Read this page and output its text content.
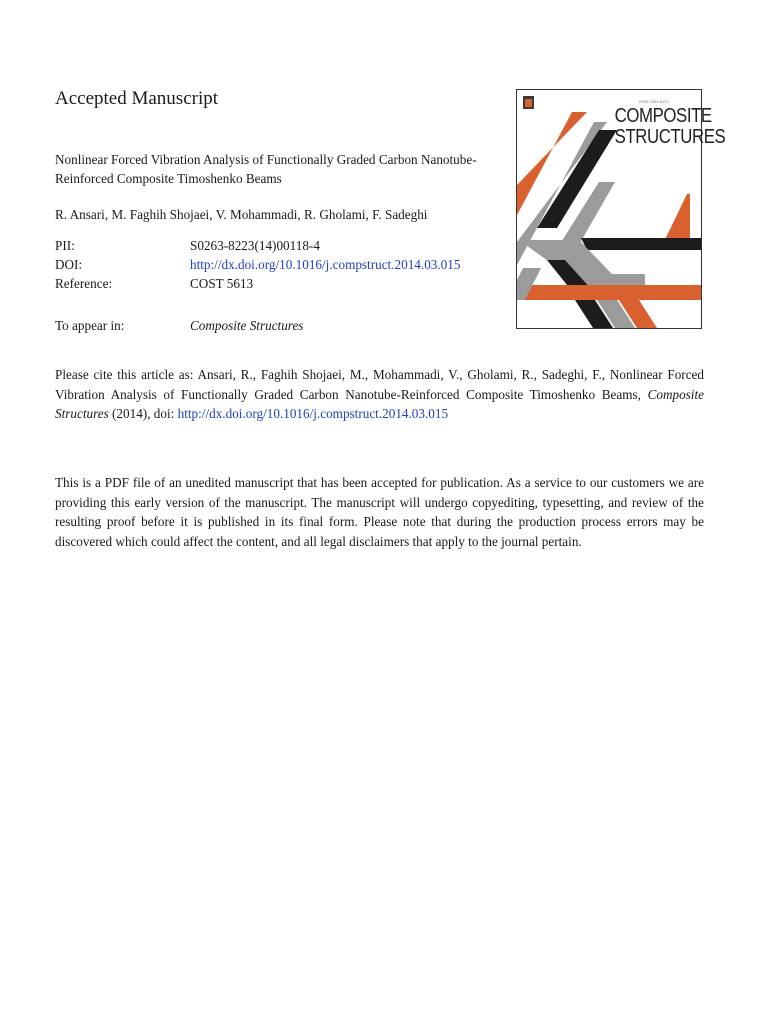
Accepted Manuscript
Nonlinear Forced Vibration Analysis of Functionally Graded Carbon Nanotube-Reinforced Composite Timoshenko Beams
R. Ansari, M. Faghih Shojaei, V. Mohammadi, R. Gholami, F. Sadeghi
PII:	S0263-8223(14)00118-4
DOI:	http://dx.doi.org/10.1016/j.compstruct.2014.03.015
Reference:	COST 5613
To appear in:	Composite Structures
Please cite this article as: Ansari, R., Faghih Shojaei, M., Mohammadi, V., Gholami, R., Sadeghi, F., Nonlinear Forced Vibration Analysis of Functionally Graded Carbon Nanotube-Reinforced Composite Timoshenko Beams, Composite Structures (2014), doi: http://dx.doi.org/10.1016/j.compstruct.2014.03.015
This is a PDF file of an unedited manuscript that has been accepted for publication. As a service to our customers we are providing this early version of the manuscript. The manuscript will undergo copyediting, typesetting, and review of the resulting proof before it is published in its final form. Please note that during the production process errors may be discovered which could affect the content, and all legal disclaimers that apply to the journal pertain.
ISSN 0263-8223
COMPOSITE
STRUCTURES
